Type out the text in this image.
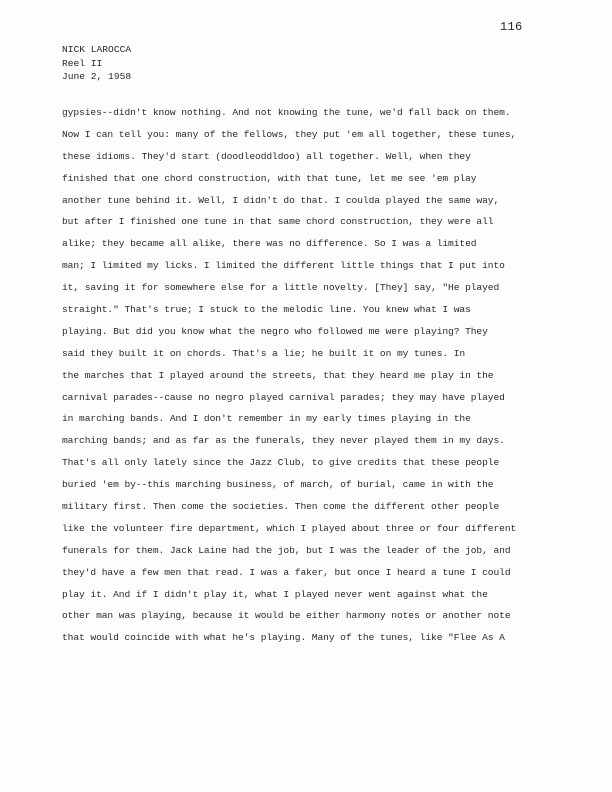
116
NICK LAROCCA
Reel II
June 2, 1958
gypsies--didn't know nothing. And not knowing the tune, we'd fall back on them.
Now I can tell you: many of the fellows, they put 'em all together, these tunes,
these idioms. They'd start (doodleoddldoo) all together. Well, when they
finished that one chord construction, with that tune, let me see 'em play
another tune behind it. Well, I didn't do that. I coulda played the same way,
but after I finished one tune in that same chord construction, they were all
alike; they became all alike, there was no difference. So I was a limited
man; I limited my licks. I limited the different little things that I put into
it, saving it for somewhere else for a little novelty. [They] say, "He played
straight." That's true; I stuck to the melodic line. You knew what I was
playing. But did you know what the negro who followed me were playing? They
said they built it on chords. That's a lie; he built it on my tunes. In
the marches that I played around the streets, that they heard me play in the
carnival parades--cause no negro played carnival parades; they may have played
in marching bands. And I don't remember in my early times playing in the
marching bands; and as far as the funerals, they never played them in my days.
That's all only lately since the Jazz Club, to give credits that these people
buried 'em by--this marching business, of march, of burial, came in with the
military first. Then come the societies. Then come the different other people
like the volunteer fire department, which I played about three or four different
funerals for them. Jack Laine had the job, but I was the leader of the job, and
they'd have a few men that read. I was a faker, but once I heard a tune I could
play it. And if I didn't play it, what I played never went against what the
other man was playing, because it would be either harmony notes or another note
that would coincide with what he's playing. Many of the tunes, like "Flee As A
